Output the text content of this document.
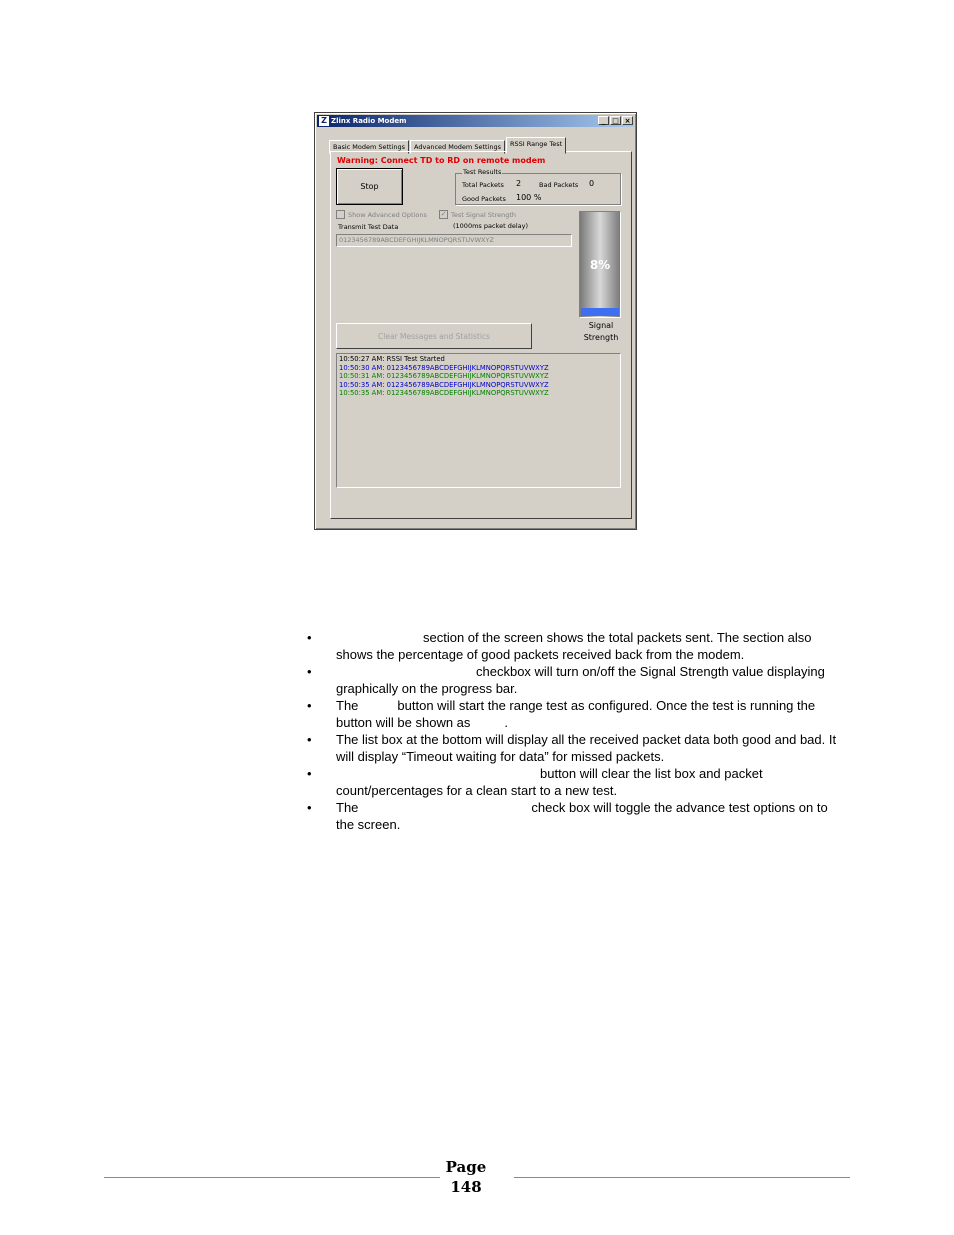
Z Zlinx Radio Modem	_ □ ×
Basic Modem Settings	Advanced Modem Settings	RSSI Range Test
Warning: Connect TD to RD on remote modem
Stop
Test Results
Total Packets 2	Bad Packets 0
Good Packets 100 %
Show Advanced Options ✓ Test Signal Strength
Transmit Test Data	(1000ms packet delay)
0123456789ABCDEFGHIJKLMNOPQRSTUVWXYZ
8%
Signal
Strength
Clear Messages and Statistics
10:50:27 AM: RSSI Test Started
10:50:30 AM: 0123456789ABCDEFGHIJKLMNOPQRSTUVWXYZ
10:50:31 AM: 0123456789ABCDEFGHIJKLMNOPQRSTUVWXYZ
10:50:35 AM: 0123456789ABCDEFGHIJKLMNOPQRSTUVWXYZ
10:50:35 AM: 0123456789ABCDEFGHIJKLMNOPQRSTUVWXYZ
•	section of the screen shows the total packets sent. The section also shows the percentage of good packets received back from the modem.
•	checkbox will turn on/off the Signal Strength value displaying graphically on the progress bar.
• The	button will start the range test as configured. Once the test is running the button will be shown as	.
• The list box at the bottom will display all the received packet data both good and bad. It will display “Timeout waiting for data” for missed packets.
•	button will clear the list box and packet count/percentages for a clean start to a new test.
• The	check box will toggle the advance test options on to the screen.
Page
148
